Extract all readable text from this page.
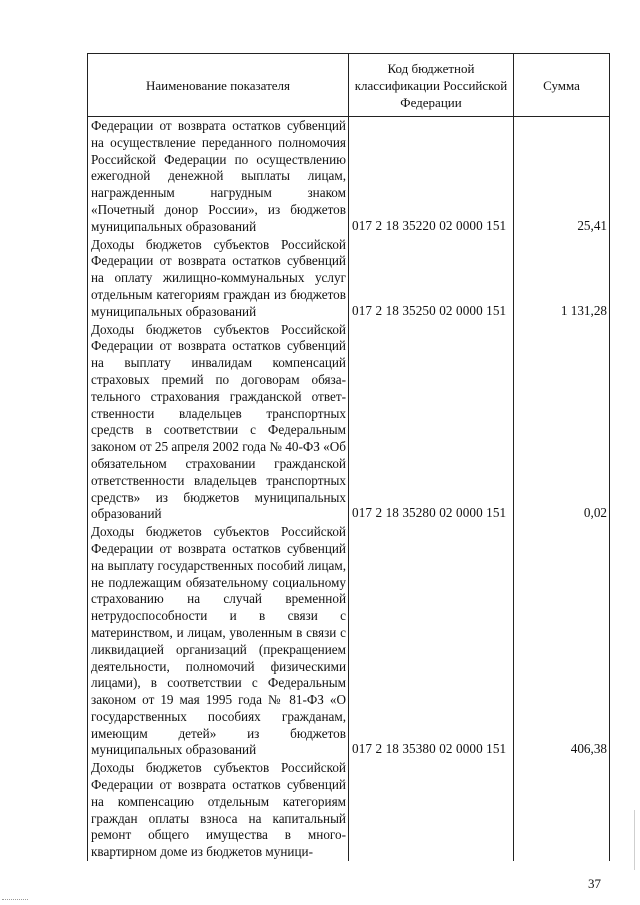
Наименование показателя	Код бюджетной классификации Российской Федерации	Сумма
Федерации от возврата остатков субвенций на осуществление переданного полномочия Российской Федерации по осуществлению ежегодной денежной выплаты лицам, награжденным нагрудным знаком «Почетный донор России», из бюджетов муниципальных образований	017 2 18 35220 02 0000 151	25,41
Доходы бюджетов субъектов Российской Федерации от возврата остатков субвенций на оплату жилищно-коммунальных услуг отдельным категориям граждан из бюджетов муниципальных образований	017 2 18 35250 02 0000 151	1 131,28
Доходы бюджетов субъектов Российской Федерации от возврата остатков субвенций на выплату инвалидам компенсаций страховых премий по договорам обязательного страхования гражданской ответственности владельцев транспортных средств в соответствии с Федеральным законом от 25 апреля 2002 года № 40-ФЗ «Об обязательном страховании гражданской ответственности владельцев транспортных средств» из бюджетов муниципальных образований	017 2 18 35280 02 0000 151	0,02
Доходы бюджетов субъектов Российской Федерации от возврата остатков субвенций на выплату государственных пособий лицам, не подлежащим обязательному социальному страхованию на случай временной нетрудоспособности и в связи с материнством, и лицам, уволенным в связи с ликвидацией организаций (прекращением деятельности, полномочий физическими лицами), в соответствии с Федеральным законом от 19 мая 1995 года № 81-ФЗ «О государственных пособиях гражданам, имеющим детей» из бюджетов муниципальных образований	017 2 18 35380 02 0000 151	406,38
Доходы бюджетов субъектов Российской Федерации от возврата остатков субвенций на компенсацию отдельным категориям граждан оплаты взноса на капитальный ремонт общего имущества в многоквартирном доме из бюджетов муници-		
37
